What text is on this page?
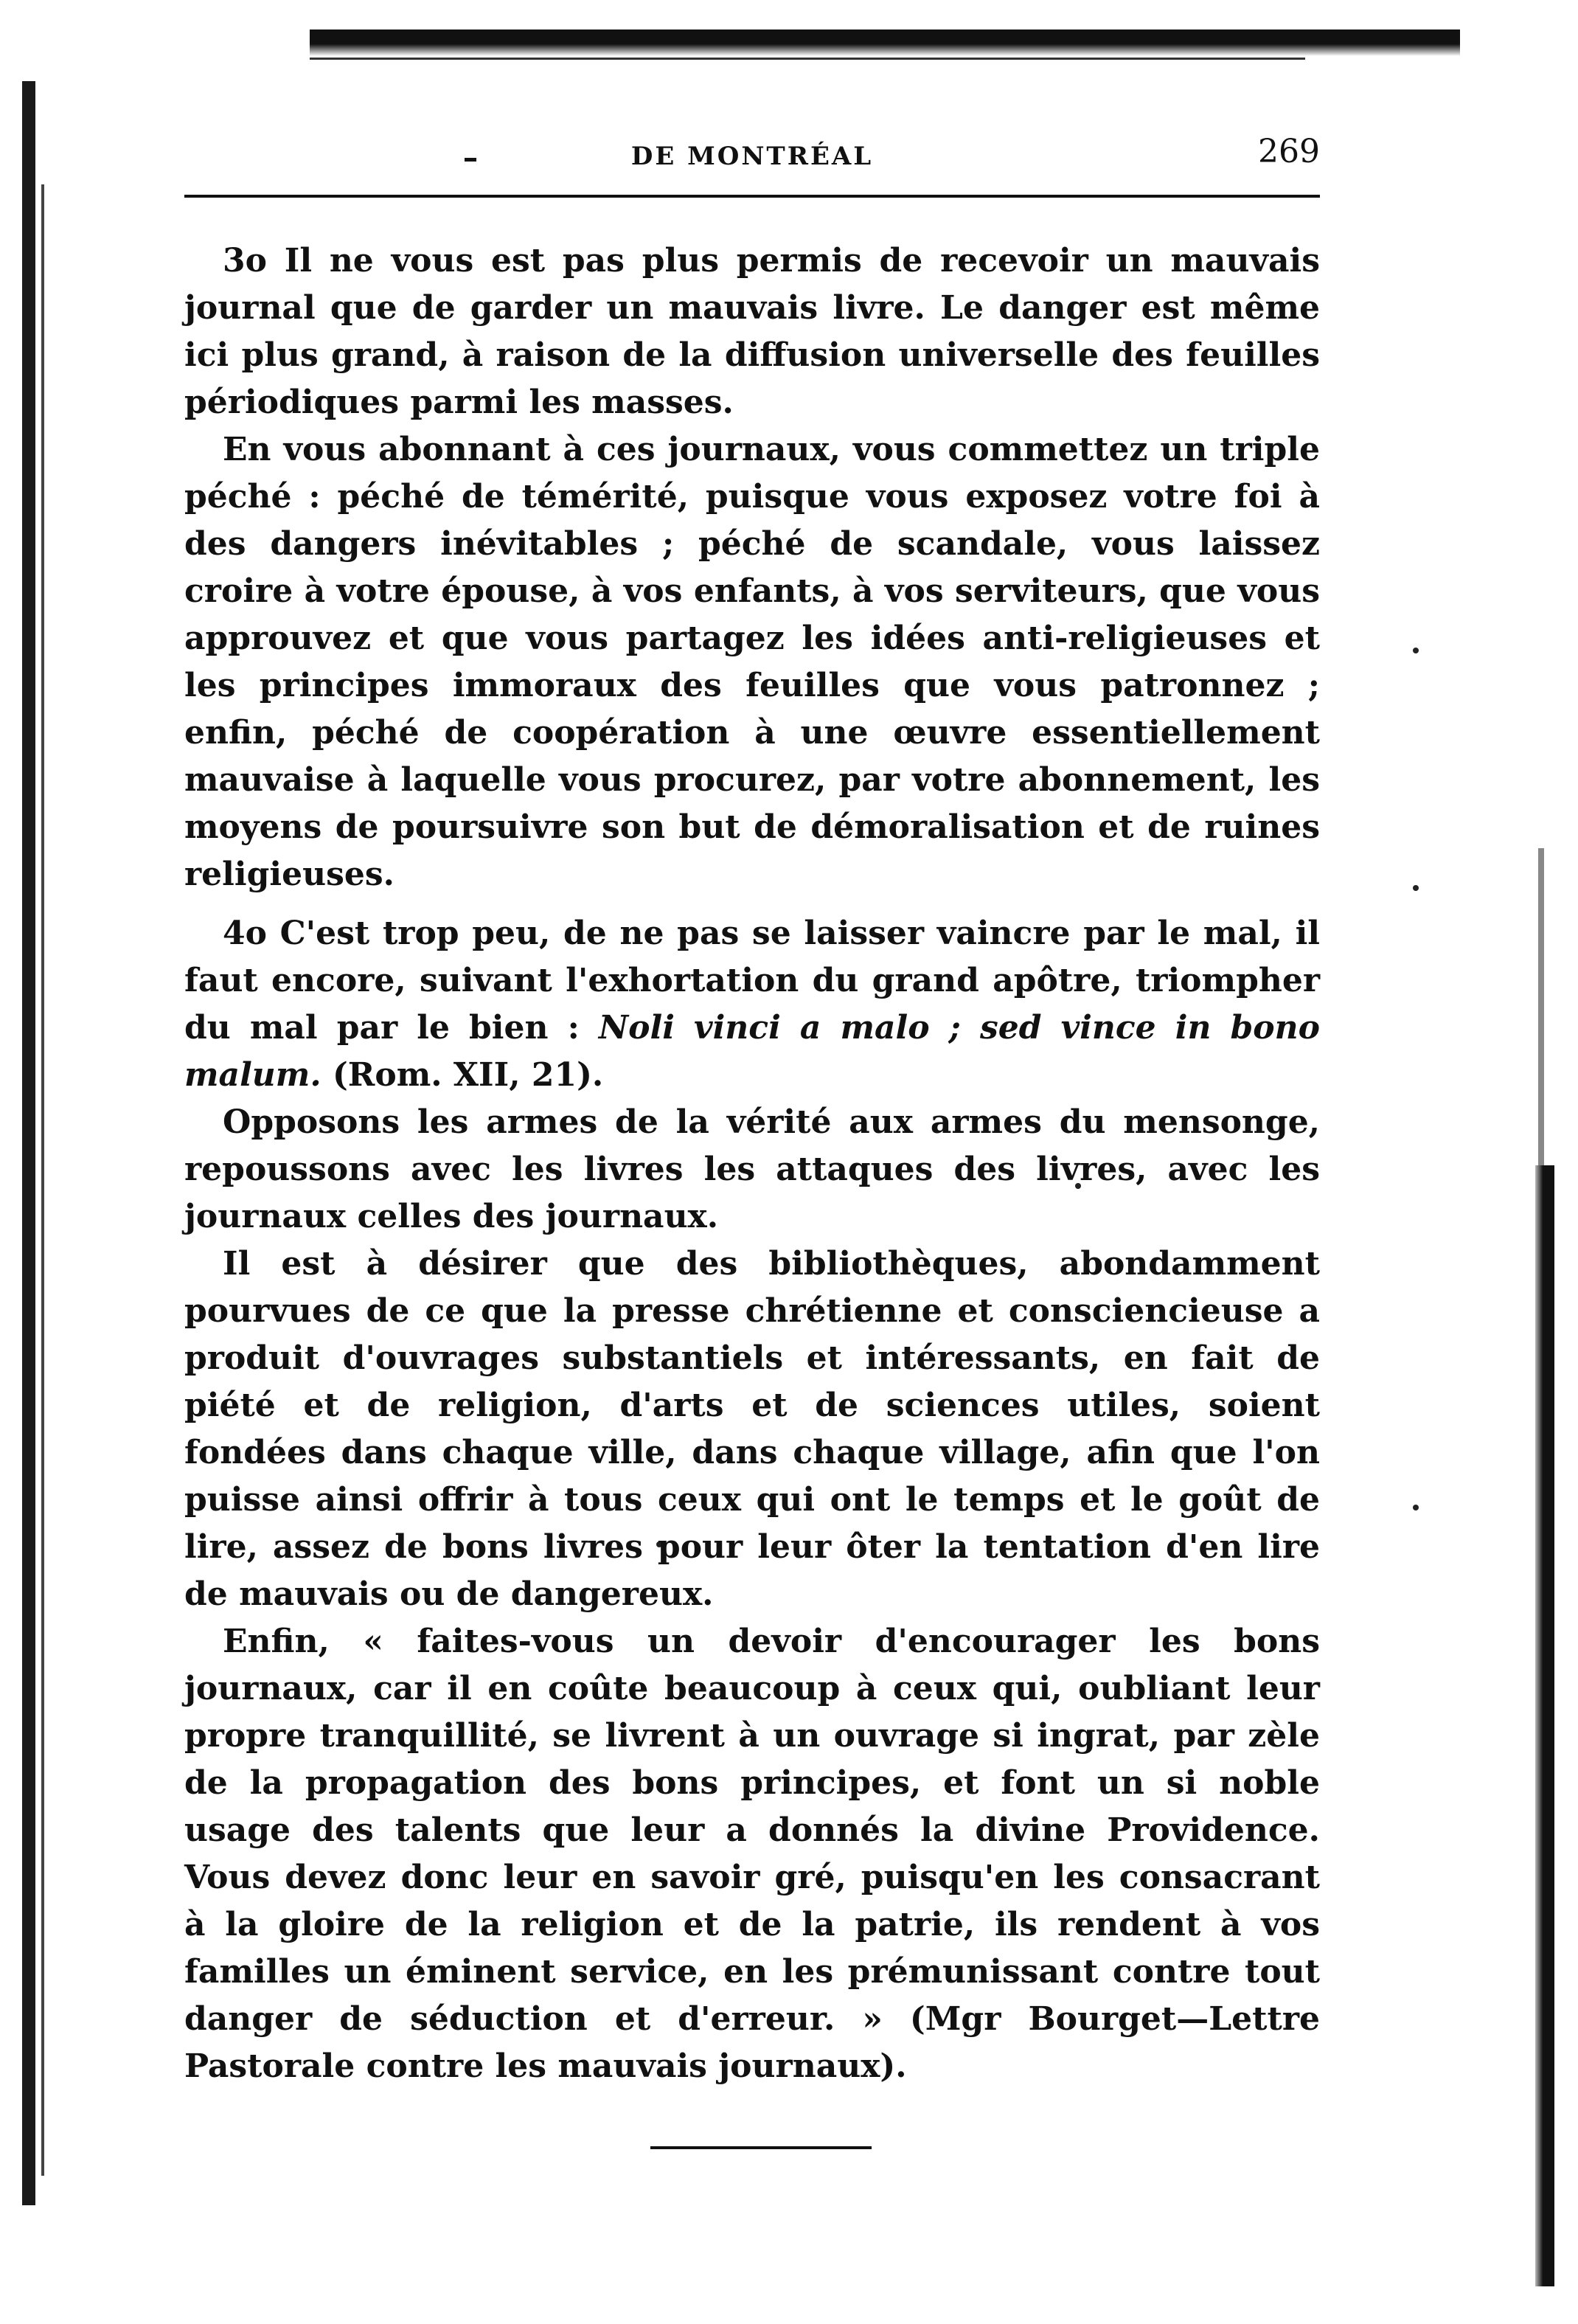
DE MONTRÉAL	269

3o Il ne vous est pas plus permis de recevoir un mauvais journal que de garder un mauvais livre. Le danger est même ici plus grand, à raison de la diffusion universelle des feuilles périodiques parmi les masses.

En vous abonnant à ces journaux, vous commettez un triple péché : péché de témérité, puisque vous exposez votre foi à des dangers inévitables ; péché de scandale, vous laissez croire à votre épouse, à vos enfants, à vos serviteurs, que vous approuvez et que vous partagez les idées anti-religieuses et les principes immoraux des feuilles que vous patronnez ; enfin, péché de coopération à une œuvre essentiellement mauvaise à laquelle vous procurez, par votre abonnement, les moyens de poursuivre son but de démoralisation et de ruines religieuses.

4o C'est trop peu, de ne pas se laisser vaincre par le mal, il faut encore, suivant l'exhortation du grand apôtre, triompher du mal par le bien : Noli vinci a malo ; sed vince in bono malum. (Rom. XII, 21).

Opposons les armes de la vérité aux armes du mensonge, repoussons avec les livres les attaques des livres, avec les journaux celles des journaux.

Il est à désirer que des bibliothèques, abondamment pourvues de ce que la presse chrétienne et consciencieuse a produit d'ouvrages substantiels et intéressants, en fait de piété et de religion, d'arts et de sciences utiles, soient fondées dans chaque ville, dans chaque village, afin que l'on puisse ainsi offrir à tous ceux qui ont le temps et le goût de lire, assez de bons livres pour leur ôter la tentation d'en lire de mauvais ou de dangereux.

Enfin, « faites-vous un devoir d'encourager les bons journaux, car il en coûte beaucoup à ceux qui, oubliant leur propre tranquillité, se livrent à un ouvrage si ingrat, par zèle de la propagation des bons principes, et font un si noble usage des talents que leur a donnés la divine Providence. Vous devez donc leur en savoir gré, puisqu'en les consacrant à la gloire de la religion et de la patrie, ils rendent à vos familles un éminent service, en les prémunissant contre tout danger de séduction et d'erreur. » (Mgr Bourget—Lettre Pastorale contre les mauvais journaux).
